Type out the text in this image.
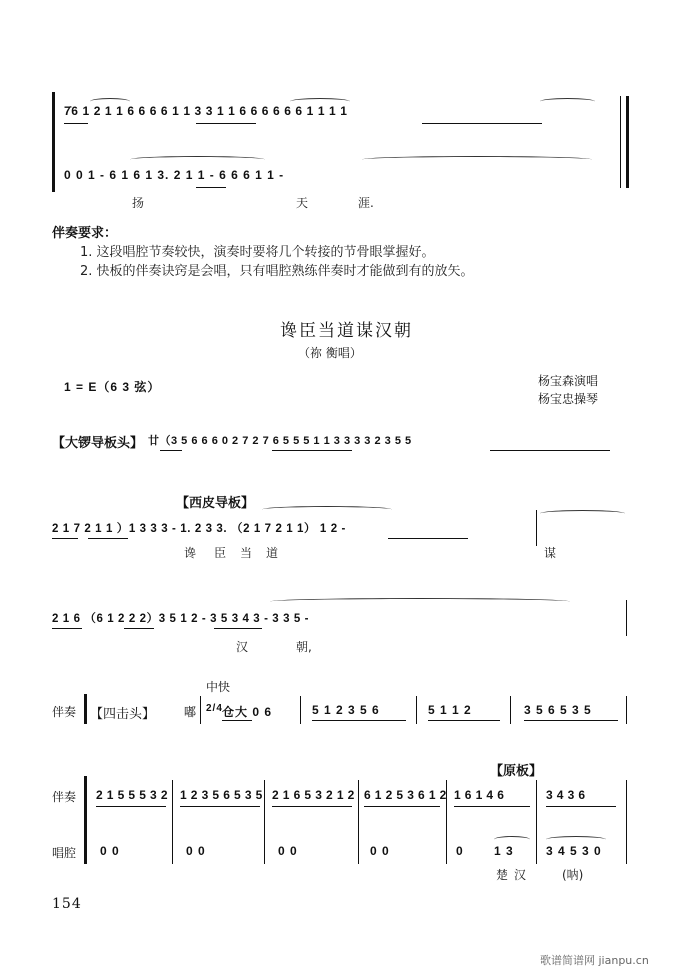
7̇6 1 2 1 1 6 6 6 6 1 1 3 3 1 1 6 6 6 6 6 6 1 1 1 1
0 0 1 - 6 1 6 1 3. 2 1 1 - 6 6 6 1 1 -
扬	天	涯.
伴奏要求：
1. 这段唱腔节奏较快，演奏时要将几个转接的节骨眼掌握好。
2. 快板的伴奏诀窍是会唱，只有唱腔熟练伴奏时才能做到有的放矢。
谗臣当道谋汉朝
（祢 衡唱）
1 = E（6 3 弦）	杨宝森演唱
杨宝忠操琴
【大锣导板头】 廿（3 5 6 6 6 0 2 7 2 7 6 5 5 5 1 1 3 3 3 3 2 3 5 5
【西皮导板】
2 1 7 2 1 1 ）1 3 3 3 - 1. 2 3 3. （2 1 7 2 1 1） 1 2 -
谗 臣 当 道	谋
2 1 6 （6 1 2 2 2）3 5 1 2 - 3 5 3 4 3 - 3 3 5 -
汉	朝,
中快
伴奏 【四击头】 嘟 2/4 仓大 0 6	5 1 2 3 5 6	5 1 1 2	3 5 6 5 3 5
【原板】
伴奏
唱腔
2 1 5 5 5 3 2 1 2 3 5 6 5 3 5 2 1 6 5 3 2 1 2 6 1 2 5 3 6 1 2 1 6 1 4 6	3 4 3 6
0 0	0 0	0 0	0 0	0	1 3	3 4 5 3 0
楚 汉	(呐)
154
歌谱简谱网 jianpu.cn
